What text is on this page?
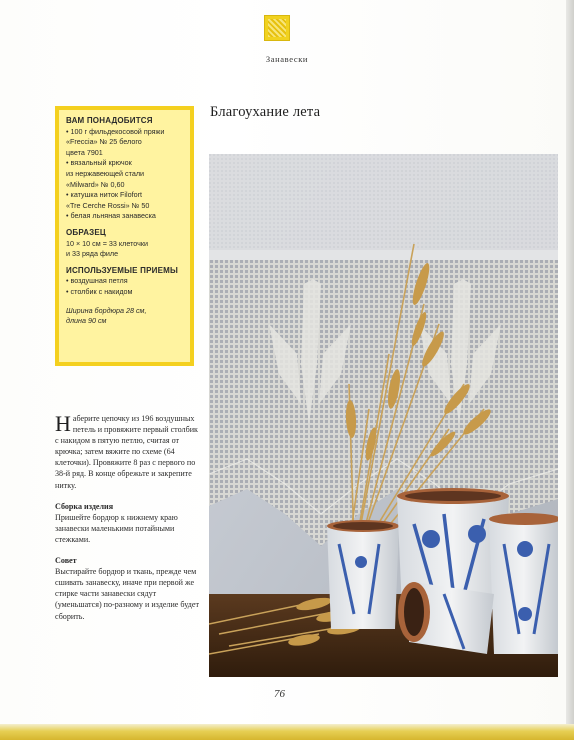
Занавески
Благоухание лета

ВАМ ПОНАДОБИТСЯ

• 100 г фильдекосовой пряжи
«Freccia» № 25 белого
цвета 7901
• вязальный крючок
из нержавеющей стали
«Milward» № 0,60
• катушка ниток Filofort
«Tre Cerche Rossi» № 50
• белая льняная занавеска

ОБРАЗЕЦ

10 × 10 см = 33 клеточки
и 33 ряда филе

ИСПОЛЬЗУЕМЫЕ ПРИЕМЫ

• воздушная петля
• столбик с накидом
Ширина бордюра 28 см,
длина 90 см

Наберите цепочку из 196 воздушных петель и провяжите первый столбик с накидом в пятую петлю, считая от крючка; затем вяжите по схеме (64 клеточки). Провяжите 8 раз с первого по 38-й ряд. В конце обрежьте и закрепите нитку.

Сборка изделия

Пришейте бордюр к нижнему краю занавески маленькими потайными стежками.

Совет

Выстирайте бордюр и ткань, прежде чем сшивать занавеску, иначе при первой же стирке части занавески сядут (уменьшатся) по-разному и изделие будет сборить.

76
